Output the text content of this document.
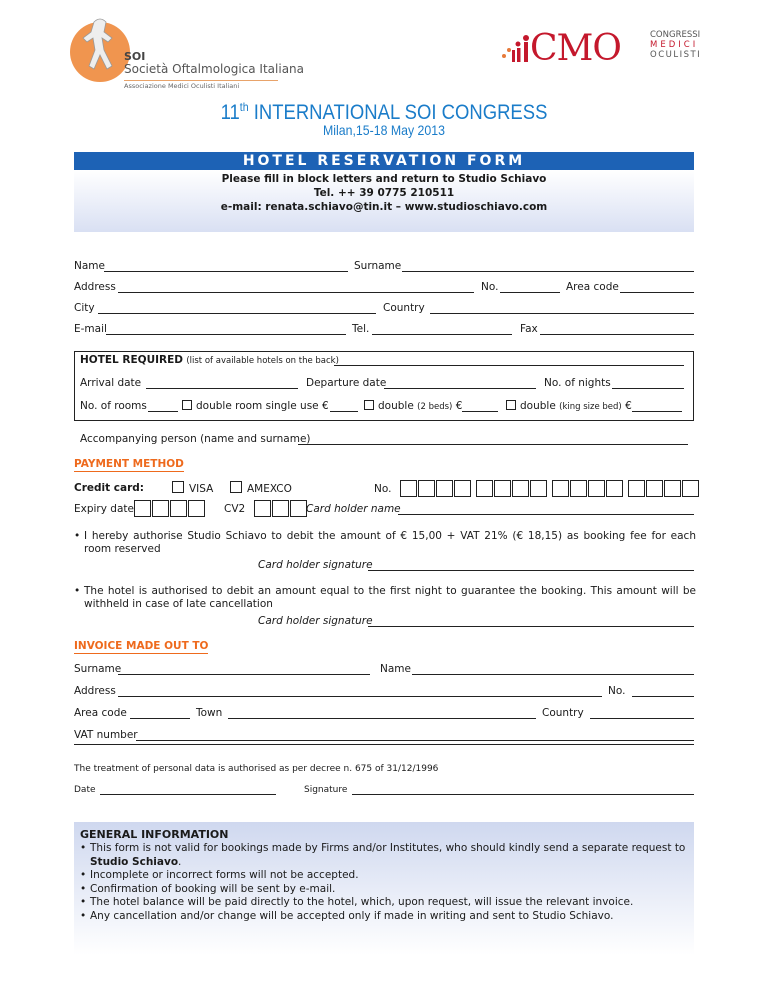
SOI
Società Oftalmologica Italiana
Associazione Medici Oculisti Italiani
CMO	CONGRESSI
MEDICI
OCULISTI
11th INTERNATIONAL SOI CONGRESS
Milan,15-18 May 2013
HOTEL RESERVATION FORM
Please fill in block letters and return to Studio Schiavo
Tel. ++ 39 0775 210511
e-mail: renata.schiavo@tin.it – www.studioschiavo.com
Name	Surname
Address	No.	Area code
City	Country
E-mail	Tel.	Fax
HOTEL REQUIRED (list of available hotels on the back)
Arrival date	Departure date	No. of nights
No. of rooms	double room single use €	double (2 beds) €	double (king size bed) €
Accompanying person (name and surname)
PAYMENT METHOD
Credit card:	VISA	AMEXCO	No.
Expiry date	CV2	Card holder name
• I hereby authorise Studio Schiavo to debit the amount of € 15,00 + VAT 21% (€ 18,15) as booking fee for each room reserved
Card holder signature
• The hotel is authorised to debit an amount equal to the first night to guarantee the booking. This amount will be withheld in case of late cancellation
Card holder signature
INVOICE MADE OUT TO
Surname	Name
Address	No.
Area code	Town	Country
VAT number
The treatment of personal data is authorised as per decree n. 675 of 31/12/1996
Date	Signature
GENERAL INFORMATION
• This form is not valid for bookings made by Firms and/or Institutes, who should kindly send a separate request to Studio Schiavo.
• Incomplete or incorrect forms will not be accepted.
• Confirmation of booking will be sent by e-mail.
• The hotel balance will be paid directly to the hotel, which, upon request, will issue the relevant invoice.
• Any cancellation and/or change will be accepted only if made in writing and sent to Studio Schiavo.
